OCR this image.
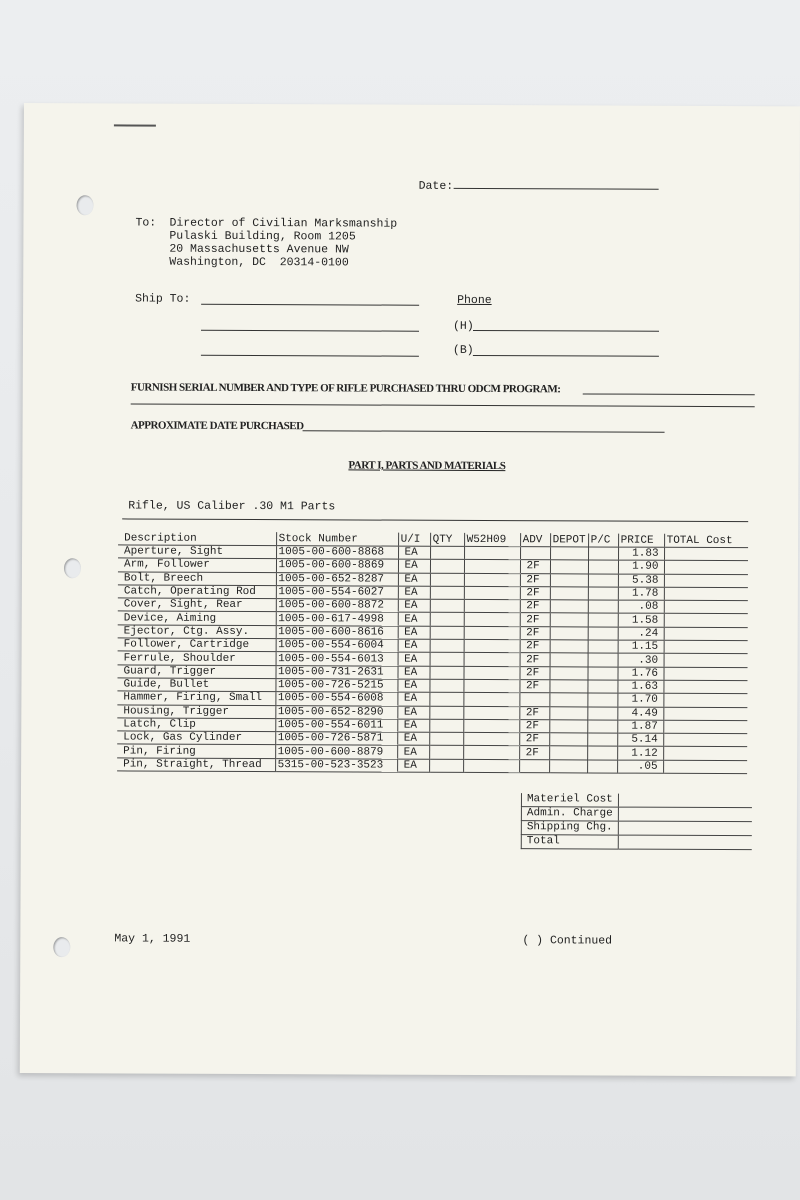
Date:
To: Director of Civilian Marksmanship
Pulaski Building, Room 1205
20 Massachusetts Avenue NW
Washington, DC  20314-0100
Ship To:	Phone
(H)
(B)
FURNISH SERIAL NUMBER AND TYPE OF RIFLE PURCHASED THRU ODCM PROGRAM:
APPROXIMATE DATE PURCHASED
PART I, PARTS AND MATERIALS
Rifle, US Caliber .30 M1 Parts
Description	Stock Number	U/I	QTY	W52H09	ADV	DEPOT	P/C	PRICE	TOTAL Cost
Aperture, Sight	1005-00-600-8868	EA						1.83	
Arm, Follower	1005-00-600-8869	EA			2F			1.90	
Bolt, Breech	1005-00-652-8287	EA			2F			5.38	
Catch, Operating Rod	1005-00-554-6027	EA			2F			1.78	
Cover, Sight, Rear	1005-00-600-8872	EA			2F			.08	
Device, Aiming	1005-00-617-4998	EA			2F			1.58	
Ejector, Ctg. Assy.	1005-00-600-8616	EA			2F			.24	
Follower, Cartridge	1005-00-554-6004	EA			2F			1.15	
Ferrule, Shoulder	1005-00-554-6013	EA			2F			.30	
Guard, Trigger	1005-00-731-2631	EA			2F			1.76	
Guide, Bullet	1005-00-726-5215	EA			2F			1.63	
Hammer, Firing, Small	1005-00-554-6008	EA						1.70	
Housing, Trigger	1005-00-652-8290	EA			2F			4.49	
Latch, Clip	1005-00-554-6011	EA			2F			1.87	
Lock, Gas Cylinder	1005-00-726-5871	EA			2F			5.14	
Pin, Firing	1005-00-600-8879	EA			2F			1.12	
Pin, Straight, Thread	5315-00-523-3523	EA						.05	
Materiel Cost	
Admin. Charge	
Shipping Chg.	
Total	
May 1, 1991	( ) Continued
